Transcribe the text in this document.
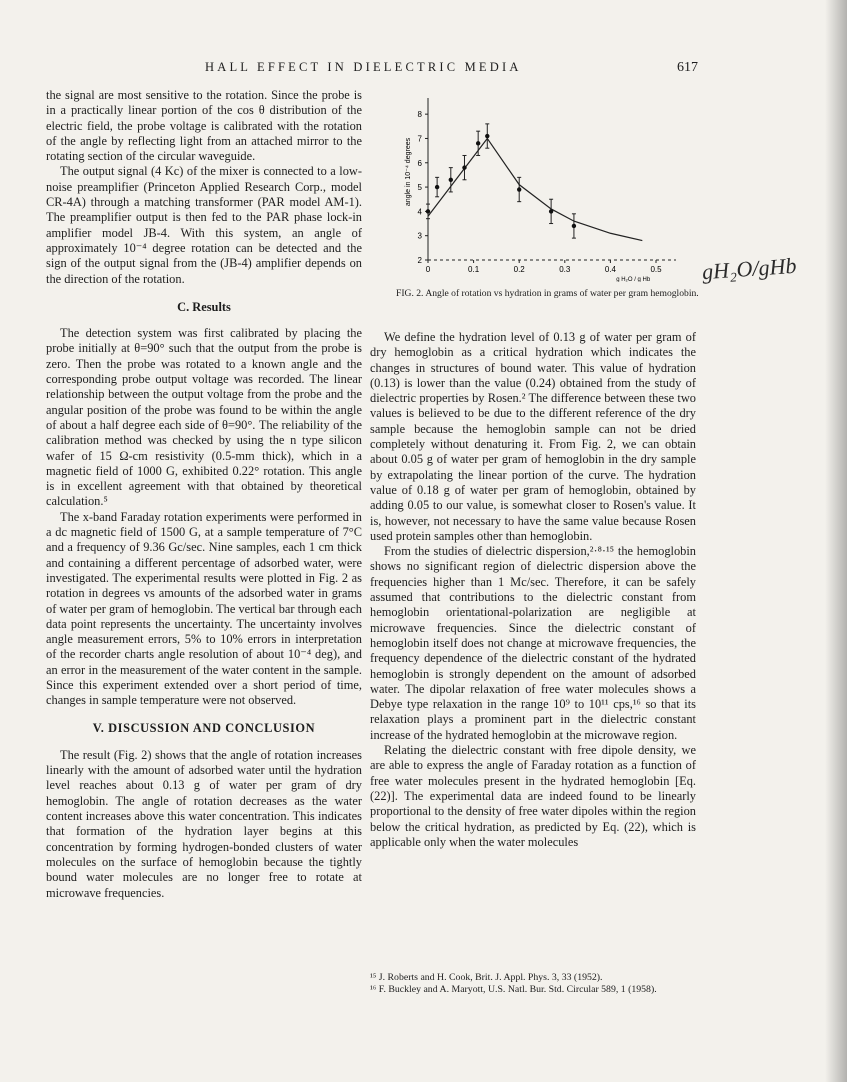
HALL EFFECT IN DIELECTRIC MEDIA	617

the signal are most sensitive to the rotation. Since the probe is in a practically linear portion of the cos θ distribution of the electric field, the probe voltage is calibrated with the rotation of the angle by reflecting light from an attached mirror to the rotating section of the circular waveguide.

The output signal (4 Kc) of the mixer is connected to a low-noise preamplifier (Princeton Applied Research Corp., model CR-4A) through a matching transformer (PAR model AM-1). The preamplifier output is then fed to the PAR phase lock-in amplifier model JB-4. With this system, an angle of approximately 10⁻⁴ degree rotation can be detected and the sign of the output signal from the (JB-4) amplifier depends on the direction of the rotation.

C. Results

The detection system was first calibrated by placing the probe initially at θ=90° such that the output from the probe is zero. Then the probe was rotated to a known angle and the corresponding probe output voltage was recorded. The linear relationship between the output voltage from the probe and the angular position of the probe was found to be within the angle of about a half degree each side of θ=90°. The reliability of the calibration method was checked by using the n type silicon wafer of 15 Ω-cm resistivity (0.5-mm thick), which in a magnetic field of 1000 G, exhibited 0.22° rotation. This angle is in excellent agreement with that obtained by theoretical calculation.⁵

The x-band Faraday rotation experiments were performed in a dc magnetic field of 1500 G, at a sample temperature of 7°C and a frequency of 9.36 Gc/sec. Nine samples, each 1 cm thick and containing a different percentage of adsorbed water, were investigated. The experimental results were plotted in Fig. 2 as rotation in degrees vs amounts of the adsorbed water in grams of water per gram of hemoglobin. The vertical bar through each data point represents the uncertainty. The uncertainty involves angle measurement errors, 5% to 10% errors in interpretation of the recorder charts angle resolution of about 10⁻⁴ deg), and an error in the measurement of the water content in the sample. Since this experiment extended over a short period of time, changes in sample temperature were not observed.

V. DISCUSSION AND CONCLUSION

The result (Fig. 2) shows that the angle of rotation increases linearly with the amount of adsorbed water until the hydration level reaches about 0.13 g of water per gram of dry hemoglobin. The angle of rotation decreases as the water content increases above this water concentration. This indicates that formation of the hydration layer begins at this concentration by forming hydrogen-bonded clusters of water molecules on the surface of hemoglobin because the tightly bound water molecules are no longer free to rotate at microwave frequencies.

angle in 10⁻⁴ degrees
8
7
6
5
4
3
2
0	0.1	0.2	0.3	0.4	0.5
g H₂O / g Hb
FIG. 2. Angle of rotation vs hydration in grams of water per gram hemoglobin.
gH₂O/gHb

We define the hydration level of 0.13 g of water per gram of dry hemoglobin as a critical hydration which indicates the changes in structures of bound water. This value of hydration (0.13) is lower than the value (0.24) obtained from the study of dielectric properties by Rosen.² The difference between these two values is believed to be due to the different reference of the dry sample because the hemoglobin sample can not be dried completely without denaturing it. From Fig. 2, we can obtain about 0.05 g of water per gram of hemoglobin in the dry sample by extrapolating the linear portion of the curve. The hydration value of 0.18 g of water per gram of hemoglobin, obtained by adding 0.05 to our value, is somewhat closer to Rosen's value. It is, however, not necessary to have the same value because Rosen used protein samples other than hemoglobin.

From the studies of dielectric dispersion,²·⁸·¹⁵ the hemoglobin shows no significant region of dielectric dispersion above the frequencies higher than 1 Mc/sec. Therefore, it can be safely assumed that contributions to the dielectric constant from hemoglobin orientational-polarization are negligible at microwave frequencies. Since the dielectric constant of hemoglobin itself does not change at microwave frequencies, the frequency dependence of the dielectric constant of the hydrated hemoglobin is strongly dependent on the amount of adsorbed water. The dipolar relaxation of free water molecules shows a Debye type relaxation in the range 10⁹ to 10¹¹ cps,¹⁶ so that its relaxation plays a prominent part in the dielectric constant increase of the hydrated hemoglobin at the microwave region.

Relating the dielectric constant with free dipole density, we are able to express the angle of Faraday rotation as a function of free water molecules present in the hydrated hemoglobin [Eq. (22)]. The experimental data are indeed found to be linearly proportional to the density of free water dipoles within the region below the critical hydration, as predicted by Eq. (22), which is applicable only when the water molecules

¹⁵ J. Roberts and H. Cook, Brit. J. Appl. Phys. 3, 33 (1952).
¹⁶ F. Buckley and A. Maryott, U.S. Natl. Bur. Std. Circular 589, 1 (1958).
